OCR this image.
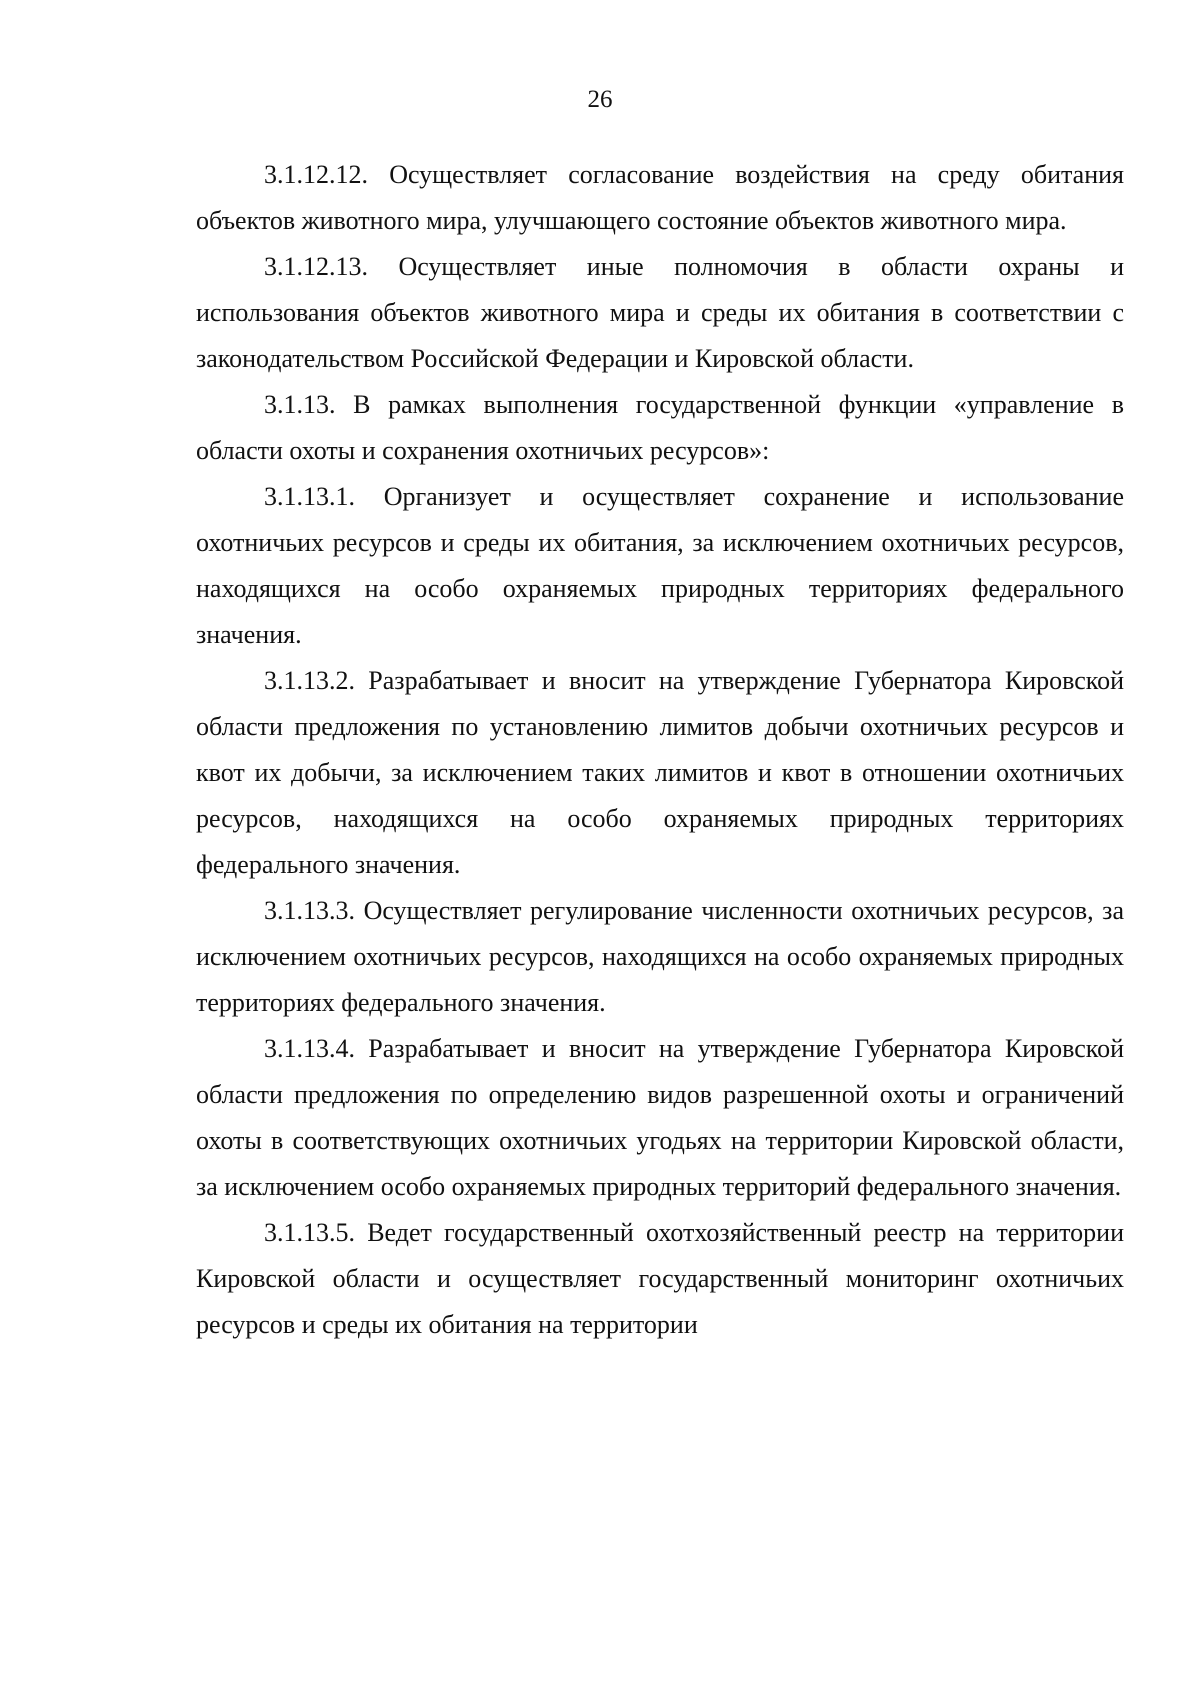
26

3.1.12.12. Осуществляет согласование воздействия на среду обитания объектов животного мира, улучшающего состояние объектов животного мира.

3.1.12.13. Осуществляет иные полномочия в области охраны и использования объектов животного мира и среды их обитания в соответствии с законодательством Российской Федерации и Кировской области.

3.1.13. В рамках выполнения государственной функции «управление в области охоты и сохранения охотничьих ресурсов»:

3.1.13.1. Организует и осуществляет сохранение и использование охотничьих ресурсов и среды их обитания, за исключением охотничьих ресурсов, находящихся на особо охраняемых природных территориях федерального значения.

3.1.13.2. Разрабатывает и вносит на утверждение Губернатора Кировской области предложения по установлению лимитов добычи охотничьих ресурсов и квот их добычи, за исключением таких лимитов и квот в отношении охотничьих ресурсов, находящихся на особо охраняемых природных территориях федерального значения.

3.1.13.3. Осуществляет регулирование численности охотничьих ресурсов, за исключением охотничьих ресурсов, находящихся на особо охраняемых природных территориях федерального значения.

3.1.13.4. Разрабатывает и вносит на утверждение Губернатора Кировской области предложения по определению видов разрешенной охоты и ограничений охоты в соответствующих охотничьих угодьях на территории Кировской области, за исключением особо охраняемых природных территорий федерального значения.

3.1.13.5. Ведет государственный охотхозяйственный реестр на территории Кировской области и осуществляет государственный мониторинг охотничьих ресурсов и среды их обитания на территории
